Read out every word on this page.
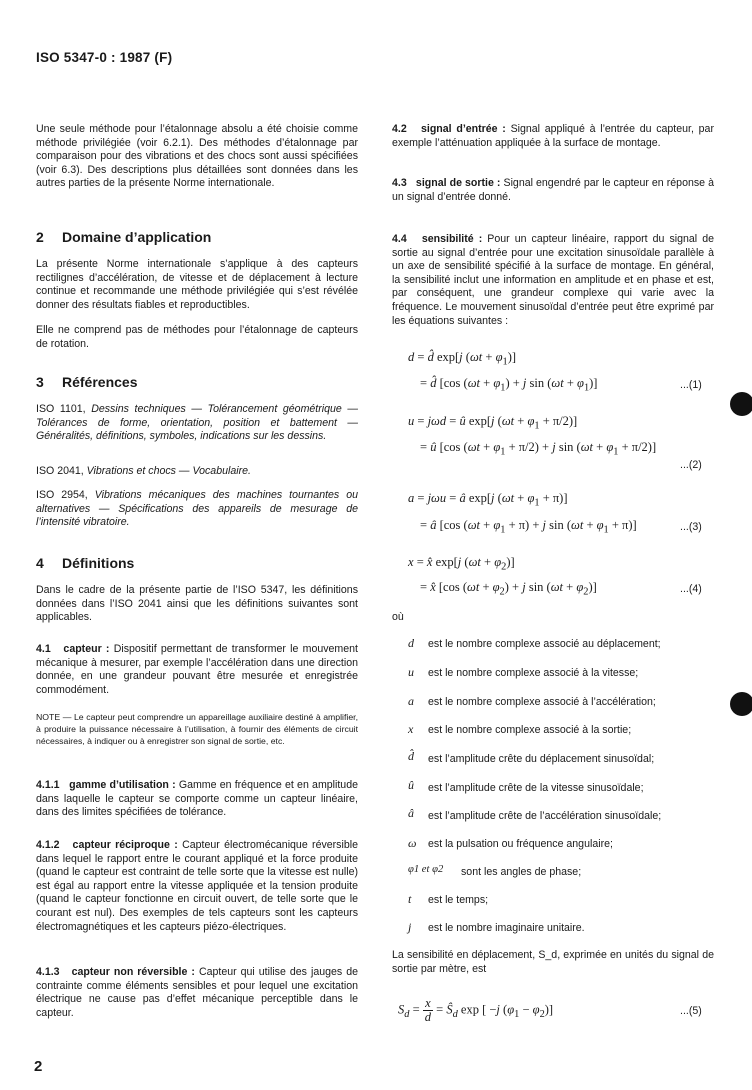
ISO 5347-0 : 1987 (F)

Une seule méthode pour l’étalonnage absolu a été choisie comme méthode privilégiée (voir 6.2.1). Des méthodes d’étalonnage par comparaison pour des vibrations et des chocs sont aussi spécifiées (voir 6.3). Des descriptions plus détaillées sont données dans les autres parties de la présente Norme internationale.

2 Domaine d’application

La présente Norme internationale s’applique à des capteurs rectilignes d’accélération, de vitesse et de déplacement à lecture continue et recommande une méthode privilégiée qui s’est révélée donner des résultats fiables et reproductibles.

Elle ne comprend pas de méthodes pour l’étalonnage de capteurs de rotation.

3 Références

ISO 1101, Dessins techniques — Tolérancement géométrique — Tolérances de forme, orientation, position et battement — Généralités, définitions, symboles, indications sur les dessins.

ISO 2041, Vibrations et chocs — Vocabulaire.

ISO 2954, Vibrations mécaniques des machines tournantes ou alternatives — Spécifications des appareils de mesurage de l’intensité vibratoire.

4 Définitions

Dans le cadre de la présente partie de l’ISO 5347, les définitions données dans l’ISO 2041 ainsi que les définitions suivantes sont applicables.

4.1 capteur : Dispositif permettant de transformer le mouvement mécanique à mesurer, par exemple l’accélération dans une direction donnée, en une grandeur pouvant être mesurée et enregistrée commodément.

NOTE — Le capteur peut comprendre un appareillage auxiliaire destiné à amplifier, à produire la puissance nécessaire à l’utilisation, à fournir des éléments de circuit nécessaires, à indiquer ou à enregistrer son signal de sortie, etc.

4.1.1 gamme d’utilisation : Gamme en fréquence et en amplitude dans laquelle le capteur se comporte comme un capteur linéaire, dans des limites spécifiées de tolérance.

4.1.2 capteur réciproque : Capteur électromécanique réversible dans lequel le rapport entre le courant appliqué et la force produite (quand le capteur est contraint de telle sorte que la vitesse est nulle) est égal au rapport entre la vitesse appliquée et la tension produite (quand le capteur fonctionne en circuit ouvert, de telle sorte que le courant est nul). Des exemples de tels capteurs sont les capteurs électromagnétiques et les capteurs piézo-électriques.

4.1.3 capteur non réversible : Capteur qui utilise des jauges de contrainte comme éléments sensibles et pour lequel une excitation électrique ne cause pas d’effet mécanique perceptible dans le capteur.

4.2 signal d’entrée : Signal appliqué à l’entrée du capteur, par exemple l’atténuation appliquée à la surface de montage.

4.3 signal de sortie : Signal engendré par le capteur en réponse à un signal d’entrée donné.

4.4 sensibilité : Pour un capteur linéaire, rapport du signal de sortie au signal d’entrée pour une excitation sinusoïdale parallèle à un axe de sensibilité spécifié à la surface de montage. En général, la sensibilité inclut une information en amplitude et en phase et est, par conséquent, une grandeur complexe qui varie avec la fréquence. Le mouvement sinusoïdal d’entrée peut être exprimé par les équations suivantes :

d = d̂ exp[j $(\omega t + \varphi_1)$]
= d̂ [cos $(\omega t + \varphi_1) + j$ $\sin (\omega t + \varphi_1)$]	...(1)
u = jωd = û exp[j $(\omega t + \varphi_1 + \pi/2)$]
= û [cos $(\omega t + \varphi_1 + \pi/2) + j$ $\sin (\omega t + \varphi_1 + \pi/2)$]
...(2)
a = jωu = â exp[j $(\omega t + \varphi_1 + \pi)$]
= â [cos $(\omega t + \varphi_1 + \pi) + j$ $\sin (\omega t + \varphi_1 + \pi)$]	...(3)
x = x̂ exp[j $(\omega t + \varphi_2)$]
= x̂ [cos $(\omega t + \varphi_2) + j$ $\sin (\omega t + \varphi_2)$]	...(4)
où
d est le nombre complexe associé au déplacement;
u est le nombre complexe associé à la vitesse;
a est le nombre complexe associé à l’accélération;
x est le nombre complexe associé à la sortie;
d̂ est l’amplitude crête du déplacement sinusoïdal;
û est l’amplitude crête de la vitesse sinusoïdale;
â est l’amplitude crête de l’accélération sinusoïdale;
ω est la pulsation ou fréquence angulaire;
φ1 et φ2 sont les angles de phase;
t est le temps;
j est le nombre imaginaire unitaire.

La sensibilité en déplacement, S_d, exprimée en unités du signal de sortie par mètre, est

$S_d = \frac{x}{d}$ = $Ŝ_d$ exp [ −j $(\varphi_1 - \varphi_2)$]	...(5)
2
